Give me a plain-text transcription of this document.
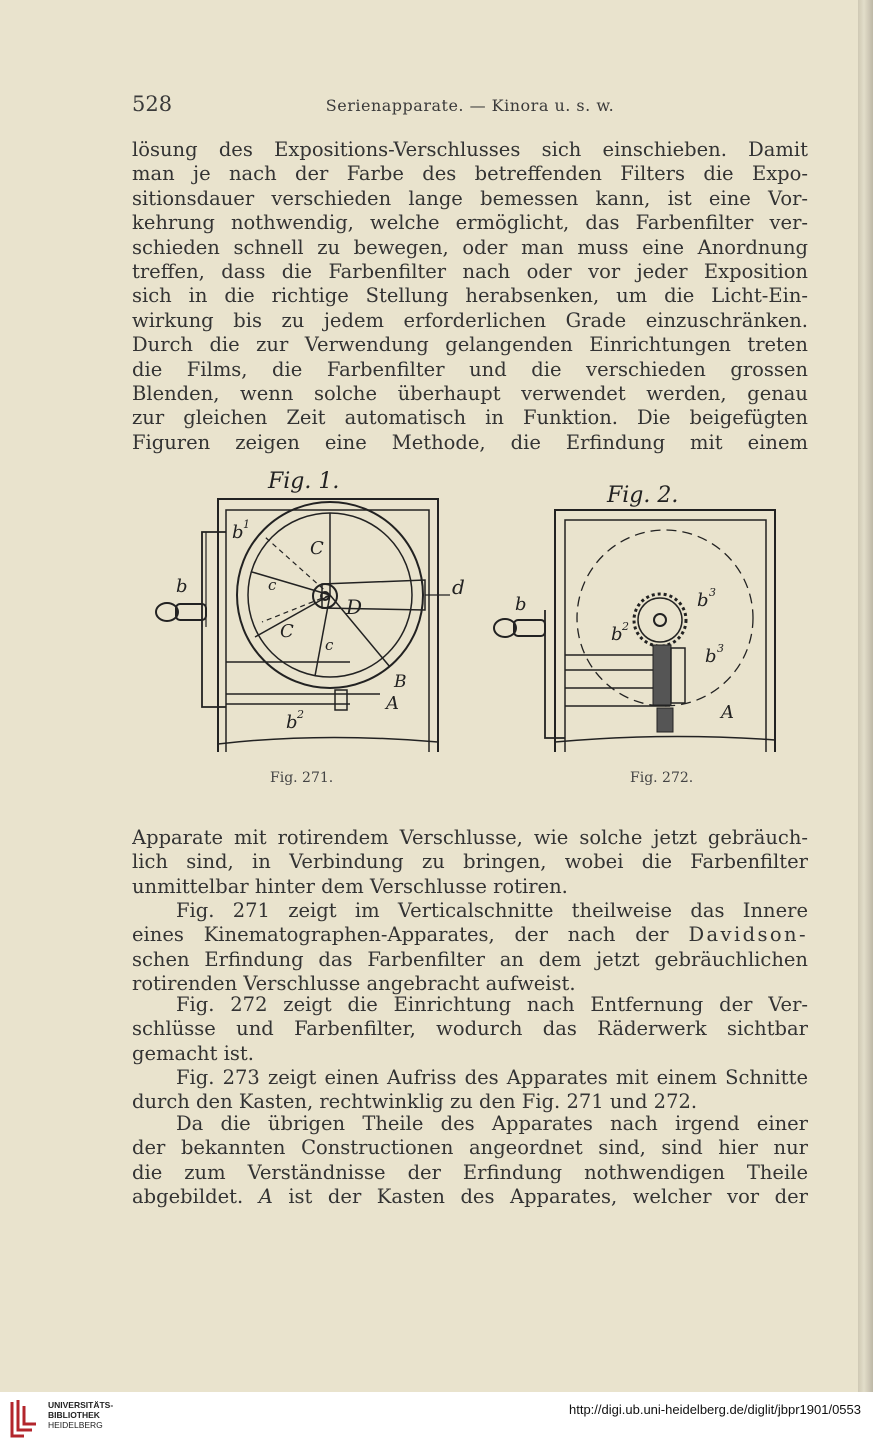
528	Serienapparate. — Kinora u. s. w.
lösung des Expositions-Verschlusses sich einschieben. Damit
man je nach der Farbe des betreffenden Filters die Expo-
sitionsdauer verschieden lange bemessen kann, ist eine Vor-
kehrung nothwendig, welche ermöglicht, das Farbenfilter ver-
schieden schnell zu bewegen, oder man muss eine Anordnung
treffen, dass die Farbenfilter nach oder vor jeder Exposition
sich in die richtige Stellung herabsenken, um die Licht-Ein-
wirkung bis zu jedem erforderlichen Grade einzuschränken.
Durch die zur Verwendung gelangenden Einrichtungen treten
die Films, die Farbenfilter und die verschieden grossen
Blenden, wenn solche überhaupt verwendet werden, genau
zur gleichen Zeit automatisch in Funktion. Die beigefügten
Figuren zeigen eine Methode, die Erfindung mit einem
Fig. 1.
b 1
C
c
C
c
D
d
b
B
A
b 2
Fig. 271.
Fig. 2.
b	b 3
b 2
b 3
A
Fig. 272.
Apparate mit rotirendem Verschlusse, wie solche jetzt gebräuch-
lich sind, in Verbindung zu bringen, wobei die Farbenfilter
unmittelbar hinter dem Verschlusse rotiren.
Fig. 271 zeigt im Verticalschnitte theilweise das Innere
eines Kinematographen-Apparates, der nach der Davidson-
schen Erfindung das Farbenfilter an dem jetzt gebräuchlichen
rotirenden Verschlusse angebracht aufweist.
Fig. 272 zeigt die Einrichtung nach Entfernung der Ver-
schlüsse und Farbenfilter, wodurch das Räderwerk sichtbar
gemacht ist.
Fig. 273 zeigt einen Aufriss des Apparates mit einem Schnitte
durch den Kasten, rechtwinklig zu den Fig. 271 und 272.
Da die übrigen Theile des Apparates nach irgend einer
der bekannten Constructionen angeordnet sind, sind hier nur
die zum Verständnisse der Erfindung nothwendigen Theile
abgebildet. A ist der Kasten des Apparates, welcher vor der
UNIVERSITÄTS-
BIBLIOTHEK
HEIDELBERG
http://digi.ub.uni-heidelberg.de/diglit/jbpr1901/0553
